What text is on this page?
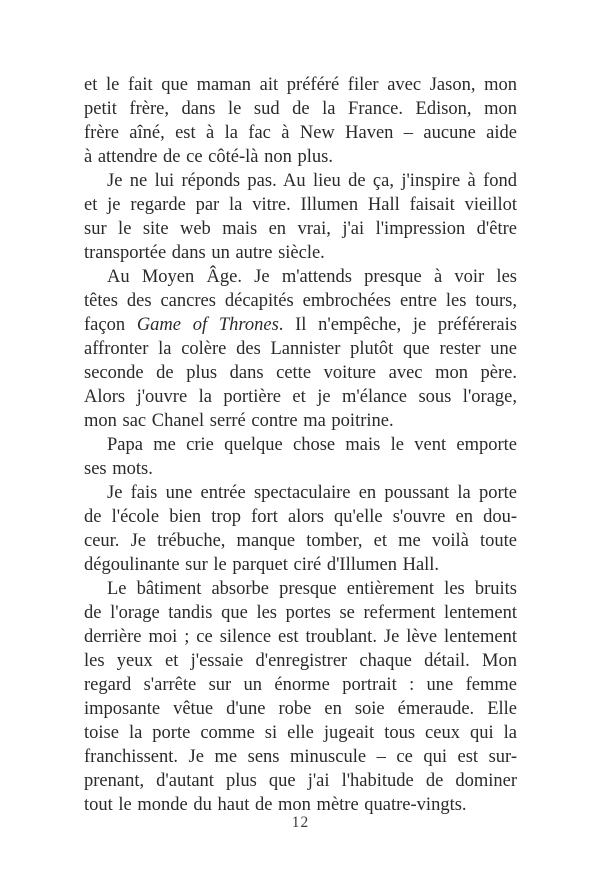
et le fait que maman ait préféré filer avec Jason, mon
petit frère, dans le sud de la France. Edison, mon
frère aîné, est à la fac à New Haven – aucune aide
à attendre de ce côté-là non plus.
Je ne lui réponds pas. Au lieu de ça, j'inspire à fond
et je regarde par la vitre. Illumen Hall faisait vieillot
sur le site web mais en vrai, j'ai l'impression d'être
transportée dans un autre siècle.
Au Moyen Âge. Je m'attends presque à voir les
têtes des cancres décapités embrochées entre les tours,
façon Game of Thrones. Il n'empêche, je préférerais
affronter la colère des Lannister plutôt que rester une
seconde de plus dans cette voiture avec mon père.
Alors j'ouvre la portière et je m'élance sous l'orage,
mon sac Chanel serré contre ma poitrine.
Papa me crie quelque chose mais le vent emporte
ses mots.
Je fais une entrée spectaculaire en poussant la porte
de l'école bien trop fort alors qu'elle s'ouvre en dou-
ceur. Je trébuche, manque tomber, et me voilà toute
dégoulinante sur le parquet ciré d'Illumen Hall.
Le bâtiment absorbe presque entièrement les bruits
de l'orage tandis que les portes se referment lentement
derrière moi ; ce silence est troublant. Je lève lentement
les yeux et j'essaie d'enregistrer chaque détail. Mon
regard s'arrête sur un énorme portrait : une femme
imposante vêtue d'une robe en soie émeraude. Elle
toise la porte comme si elle jugeait tous ceux qui la
franchissent. Je me sens minuscule – ce qui est sur-
prenant, d'autant plus que j'ai l'habitude de dominer
tout le monde du haut de mon mètre quatre-vingts.
12
